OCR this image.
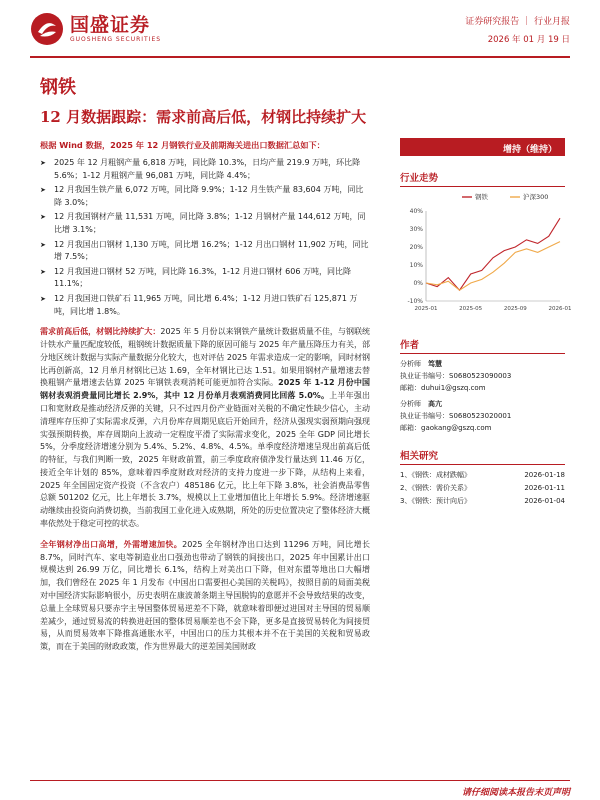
国盛证券
GUOSHENG SECURITIES
证券研究报告 ｜ 行业月报
2026 年 01 月 19 日
钢铁
12 月数据跟踪：需求前高后低，材钢比持续扩大
根据 Wind 数据，2025 年 12 月钢铁行业及前期海关进出口数据汇总如下：
➤ 2025 年 12 月粗钢产量 6,818 万吨，同比降 10.3%，日均产量 219.9 万吨，环比降 5.6%；1-12 月粗钢产量 96,081 万吨，同比降 4.4%；
➤ 12 月我国生铁产量 6,072 万吨，同比降 9.9%；1-12 月生铁产量 83,604 万吨，同比降 3.0%；
➤ 12 月我国钢材产量 11,531 万吨，同比降 3.8%；1-12 月钢材产量 144,612 万吨，同比增 3.1%；
➤ 12 月我国出口钢材 1,130 万吨，同比增 16.2%；1-12 月出口钢材 11,902 万吨，同比增 7.5%；
➤ 12 月我国进口钢材 52 万吨，同比降 16.3%，1-12 月进口钢材 606 万吨，同比降 11.1%；
➤ 12 月我国进口铁矿石 11,965 万吨，同比增 6.4%；1-12 月进口铁矿石 125,871 万吨，同比增 1.8%。

需求前高后低，材钢比持续扩大：2025 年 5 月份以来钢铁产量统计数据质量不佳，与钢联统计铁水产量匹配度较低，粗钢统计数据质量下降的原因可能与 2025 年产量压降压力有关，部分地区统计数据与实际产量数据分化较大，也对评估 2025 年需求造成一定的影响，同时材钢比再创新高，12 月单月材钢比已达 1.69，全年材钢比已达 1.51。如果用钢材产量增速去替换粗钢产量增速去估算 2025 年钢铁表观消耗可能更加符合实际。2025 年 1-12 月份中国钢材表观消费量同比增长 2.9%，其中 12 月份单月表观消费同比回落 5.0%。上半年强出口和宽财政是推动经济反弹的关键，只不过四月份产业链面对关税的不确定性缺少信心，主动清理库存压抑了实际需求反弹，六月份库存周期见底后开始回升，经济从强现实弱预期向强现实强预期转换，库存周期向上波动一定程度平滑了实际需求变化，2025 全年 GDP 同比增长 5%，分季度经济增速分别为 5.4%、5.2%、4.8%、4.5%。单季度经济增速呈现出前高后低的特征，与我们判断一致，2025 年财政前置，前三季度政府债净发行量达到 11.46 万亿，接近全年计划的 85%，意味着四季度财政对经济的支持力度进一步下降，从结构上来看，2025 年全国固定资产投资（不含农户）485186 亿元，比上年下降 3.8%，社会消费品零售总额 501202 亿元，比上年增长 3.7%，规模以上工业增加值比上年增长 5.9%。经济增速驱动继续由投资向消费切换，当前我国工业化进入成熟期，所处的历史位置决定了整体经济大概率依然处于稳定可控的状态。

全年钢材净出口高增，外需增速加快。2025 全年钢材净出口达到 11296 万吨，同比增长 8.7%，同时汽车、家电等制造业出口强劲也带动了钢铁的间接出口，2025 年中国累计出口规模达到 26.99 万亿，同比增长 6.1%，结构上对美出口下降，但对东盟等地出口大幅增加，我们曾经在 2025 年 1 月发布《中国出口需要担心美国的关税吗》，按照目前的局面美税对中国经济实际影响很小，历史表明在康波萧条期主导国脱钩的意愿并不会导致结果的改变，总量上全球贸易只要赤字主导国整体贸易逆差不下降，就意味着即便过进国对主导国的贸易顺差减少，通过贸易流的转换进赶国的整体贸易顺差也不会下降，更多是直接贸易转化为间接贸易，从而贸易效率下降推高通胀水平，中国出口的压力其根本并不在于美国的关税和贸易政策，而在于美国的财政政策，作为世界最大的逆差国美国财政

增持（维持）
行业走势
-10%
0%
10%
20%
30%
40%
2025-01	2025-05	2025-09	2026-01
钢铁	沪深300
作者
分析师　 笃慧
执业证书编号：S0680523090003
邮箱：duhui1@gszq.com
分析师　 高亢
执业证书编号：S0680523020001
邮箱：gaokang@gszq.com
相关研究
1、《钢铁：成材跌幅》	2026-01-18
2、《钢铁：需价关系》	2026-01-11
3、《钢铁：预计向后》	2026-01-04
请仔细阅读本报告末页声明
